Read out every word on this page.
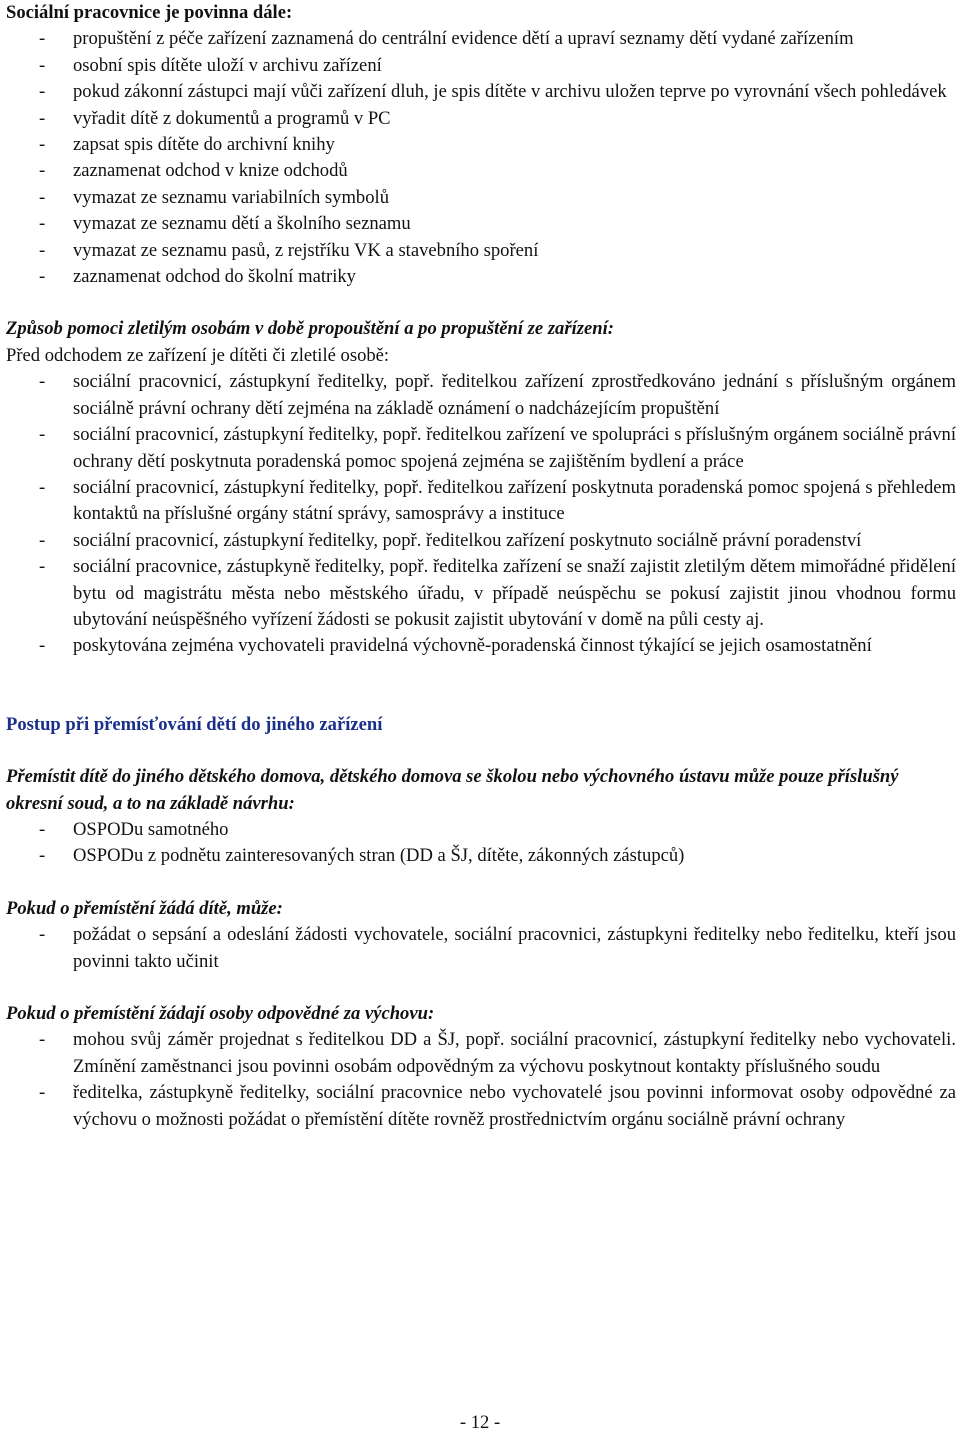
Sociální pracovnice je povinna dále:

- propuštění z péče zařízení zaznamená do centrální evidence dětí a upraví seznamy dětí vydané zařízením
- osobní spis dítěte uloží v archivu zařízení
- pokud zákonní zástupci mají vůči zařízení dluh, je spis dítěte v archivu uložen teprve po vyrovnání všech pohledávek
- vyřadit dítě z dokumentů a programů v PC
- zapsat spis dítěte do archivní knihy
- zaznamenat odchod v knize odchodů
- vymazat ze seznamu variabilních symbolů
- vymazat ze seznamu dětí a školního seznamu
- vymazat ze seznamu pasů, z rejstříku VK a stavebního spoření
- zaznamenat odchod do školní matriky

Způsob pomoci zletilým osobám v době propouštění a po propuštění ze zařízení:

Před odchodem ze zařízení je dítěti či zletilé osobě:

- sociální pracovnicí, zástupkyní ředitelky, popř. ředitelkou zařízení zprostředkováno jednání s příslušným orgánem sociálně právní ochrany dětí zejména na základě oznámení o nadcházejícím propuštění
- sociální pracovnicí, zástupkyní ředitelky, popř. ředitelkou zařízení ve spolupráci s příslušným orgánem sociálně právní ochrany dětí poskytnuta poradenská pomoc spojená zejména se zajištěním bydlení a práce
- sociální pracovnicí, zástupkyní ředitelky, popř. ředitelkou zařízení poskytnuta poradenská pomoc spojená s přehledem kontaktů na příslušné orgány státní správy, samosprávy a instituce
- sociální pracovnicí, zástupkyní ředitelky, popř. ředitelkou zařízení poskytnuto sociálně právní poradenství
- sociální pracovnice, zástupkyně ředitelky, popř. ředitelka zařízení se snaží zajistit zletilým dětem mimořádné přidělení bytu od magistrátu města nebo městského úřadu, v případě neúspěchu se pokusí zajistit jinou vhodnou formu ubytování neúspěšného vyřízení žádosti se pokusit zajistit ubytování v domě na půli cesty aj.
- poskytována zejména vychovateli pravidelná výchovně-poradenská činnost týkající se jejich osamostatnění

Postup při přemísťování dětí do jiného zařízení

Přemístit dítě do jiného dětského domova, dětského domova se školou nebo výchovného ústavu může pouze příslušný okresní soud, a to na základě návrhu:

- OSPODu samotného
- OSPODu z podnětu zainteresovaných stran (DD a ŠJ, dítěte, zákonných zástupců)

Pokud o přemístění žádá dítě, může:

- požádat o sepsání a odeslání žádosti vychovatele, sociální pracovnici, zástupkyni ředitelky nebo ředitelku, kteří jsou povinni takto učinit

Pokud o přemístění žádají osoby odpovědné za výchovu:

- mohou svůj záměr projednat s ředitelkou DD a ŠJ, popř. sociální pracovnicí, zástupkyní ředitelky nebo vychovateli. Zmínění zaměstnanci jsou povinni osobám odpovědným za výchovu poskytnout kontakty příslušného soudu
- ředitelka, zástupkyně ředitelky, sociální pracovnice nebo vychovatelé jsou povinni informovat osoby odpovědné za výchovu o možnosti požádat o přemístění dítěte rovněž prostřednictvím orgánu sociálně právní ochrany
- 12 -
